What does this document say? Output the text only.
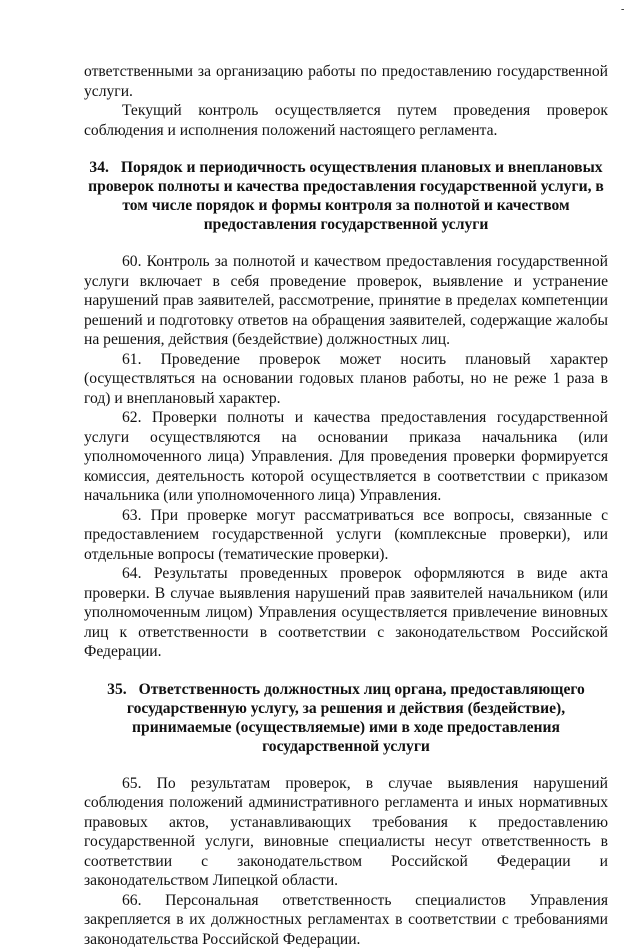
-

ответственными за организацию работы по предоставлению государственной услуги.

Текущий контроль осуществляется путем проведения проверок соблюдения и исполнения положений настоящего регламента.

34. Порядок и периодичность осуществления плановых и внеплановых проверок полноты и качества предоставления государственной услуги, в том числе порядок и формы контроля за полнотой и качеством предоставления государственной услуги

60. Контроль за полнотой и качеством предоставления государственной услуги включает в себя проведение проверок, выявление и устранение нарушений прав заявителей, рассмотрение, принятие в пределах компетенции решений и подготовку ответов на обращения заявителей, содержащие жалобы на решения, действия (бездействие) должностных лиц.

61. Проведение проверок может носить плановый характер (осуществляться на основании годовых планов работы, но не реже 1 раза в год) и внеплановый характер.

62. Проверки полноты и качества предоставления государственной услуги осуществляются на основании приказа начальника (или уполномоченного лица) Управления. Для проведения проверки формируется комиссия, деятельность которой осуществляется в соответствии с приказом начальника (или уполномоченного лица) Управления.

63. При проверке могут рассматриваться все вопросы, связанные с предоставлением государственной услуги (комплексные проверки), или отдельные вопросы (тематические проверки).

64. Результаты проведенных проверок оформляются в виде акта проверки. В случае выявления нарушений прав заявителей начальником (или уполномоченным лицом) Управления осуществляется привлечение виновных лиц к ответственности в соответствии с законодательством Российской Федерации.

35. Ответственность должностных лиц органа, предоставляющего государственную услугу, за решения и действия (бездействие), принимаемые (осуществляемые) ими в ходе предоставления государственной услуги

65. По результатам проверок, в случае выявления нарушений соблюдения положений административного регламента и иных нормативных правовых актов, устанавливающих требования к предоставлению государственной услуги, виновные специалисты несут ответственность в соответствии с законодательством Российской Федерации и законодательством Липецкой области.

66. Персональная ответственность специалистов Управления закрепляется в их должностных регламентах в соответствии с требованиями законодательства Российской Федерации.
